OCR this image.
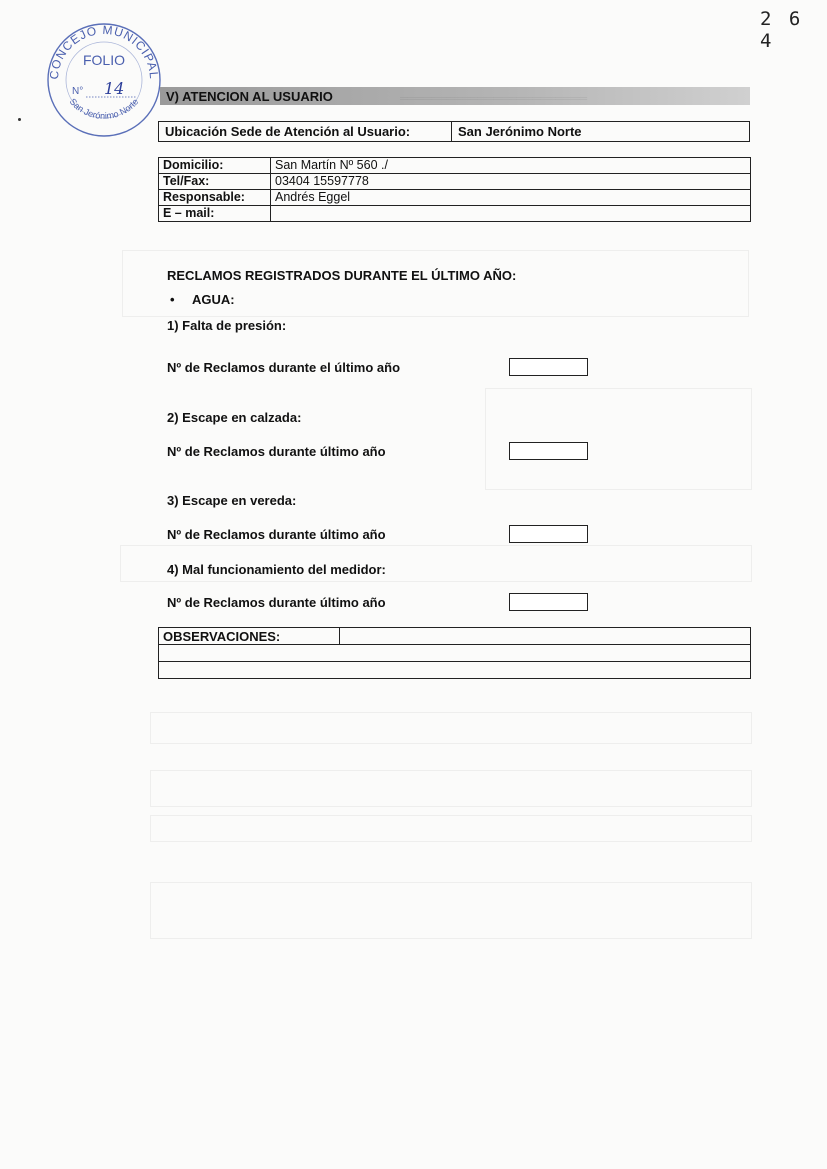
2 6 4
CONCEJO MUNICIPAL
FOLIO
N° 14
San Jerónimo Norte V) ATENCION AL USUARIO	════════════════════════
Ubicación Sede de Atención al Usuario:	San Jerónimo Norte
Domicilio:	San Martín Nº 560 ./
Tel/Fax:	03404 15597778
Responsable:	Andrés Eggel
E – mail:	
RECLAMOS REGISTRADOS DURANTE EL ÚLTIMO AÑO:
• AGUA:
1) Falta de presión:
Nº de Reclamos durante el último año
2) Escape en calzada:
Nº de Reclamos durante último año
3) Escape en vereda:
Nº de Reclamos durante último año
4) Mal funcionamiento del medidor:
Nº de Reclamos durante último año
OBSERVACIONES:	
